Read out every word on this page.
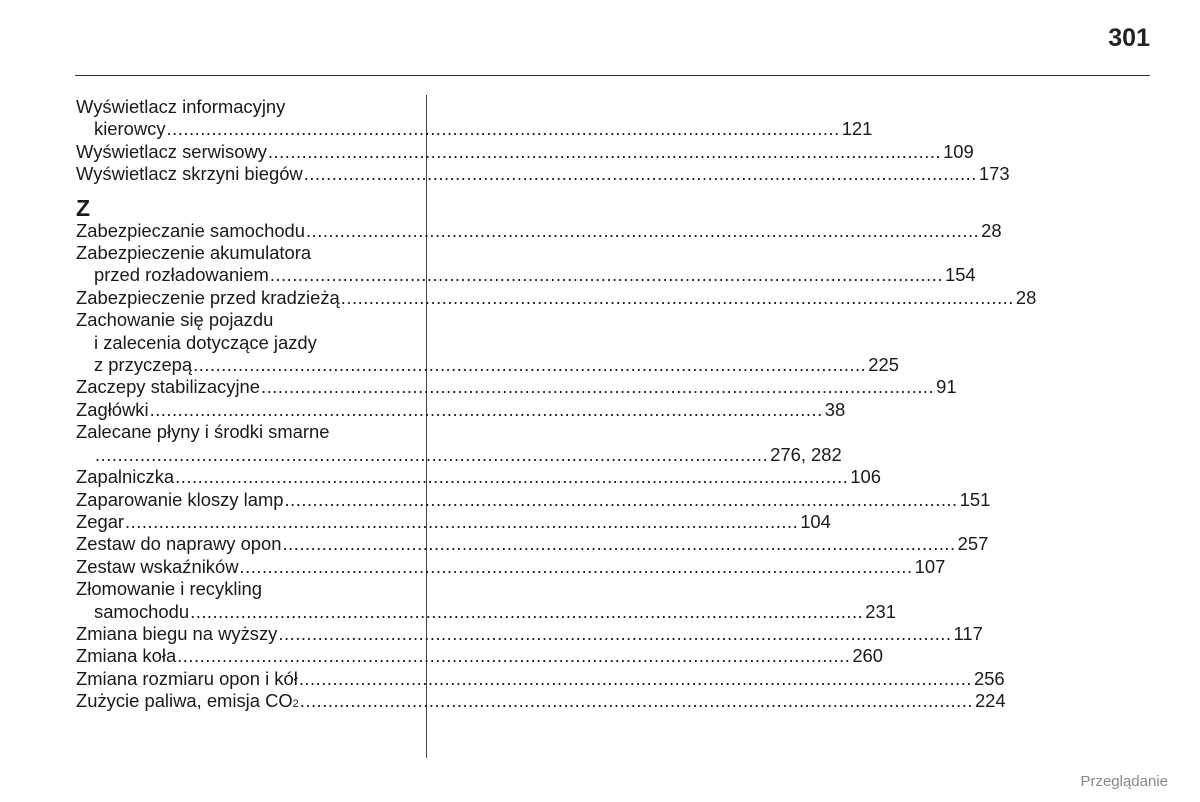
301
Wyświetlacz informacyjny
kierowcy ........................................................................................................................ 121
Wyświetlacz serwisowy ........................................................................................................................ 109
Wyświetlacz skrzyni biegów ........................................................................................................................ 173
Z
Zabezpieczanie samochodu ........................................................................................................................ 28
Zabezpieczenie akumulatora
przed rozładowaniem ........................................................................................................................ 154
Zabezpieczenie przed kradzieżą ........................................................................................................................ 28
Zachowanie się pojazdu
i zalecenia dotyczące jazdy
z przyczepą ........................................................................................................................ 225
Zaczepy stabilizacyjne ........................................................................................................................ 91
Zagłówki ........................................................................................................................ 38
Zalecane płyny i środki smarne
........................................................................................................................ 276, 282
Zapalniczka ........................................................................................................................ 106
Zaparowanie kloszy lamp ........................................................................................................................ 151
Zegar ........................................................................................................................ 104
Zestaw do naprawy opon ........................................................................................................................ 257
Zestaw wskaźników ........................................................................................................................ 107
Złomowanie i recykling
samochodu ........................................................................................................................ 231
Zmiana biegu na wyższy ........................................................................................................................ 117
Zmiana koła ........................................................................................................................ 260
Zmiana rozmiaru opon i kół ........................................................................................................................ 256
Zużycie paliwa, emisja CO 2 ........................................................................................................................ 224
Przeglądanie
